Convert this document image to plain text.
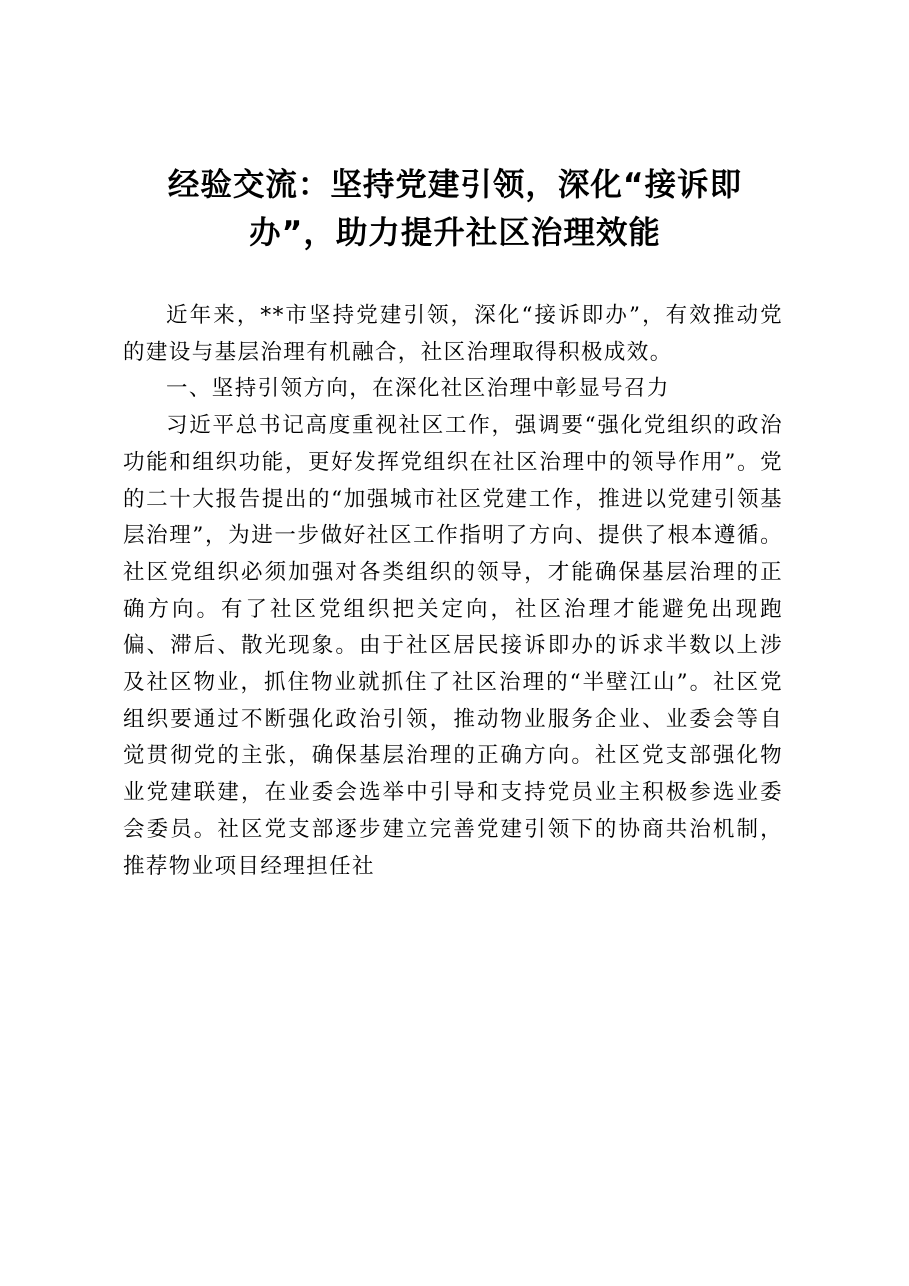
经验交流：坚持党建引领，深化“接诉即
办”，助力提升社区治理效能

近年来，**市坚持党建引领，深化“接诉即办”，有效推动党的建设与基层治理有机融合，社区治理取得积极成效。

一、坚持引领方向，在深化社区治理中彰显号召力

习近平总书记高度重视社区工作，强调要“强化党组织的政治功能和组织功能，更好发挥党组织在社区治理中的领导作用”。党的二十大报告提出的“加强城市社区党建工作，推进以党建引领基层治理”，为进一步做好社区工作指明了方向、提供了根本遵循。社区党组织必须加强对各类组织的领导，才能确保基层治理的正确方向。有了社区党组织把关定向，社区治理才能避免出现跑偏、滞后、散光现象。由于社区居民接诉即办的诉求半数以上涉及社区物业，抓住物业就抓住了社区治理的“半壁江山”。社区党组织要通过不断强化政治引领，推动物业服务企业、业委会等自觉贯彻党的主张，确保基层治理的正确方向。社区党支部强化物业党建联建，在业委会选举中引导和支持党员业主积极参选业委会委员。社区党支部逐步建立完善党建引领下的协商共治机制，推荐物业项目经理担任社
